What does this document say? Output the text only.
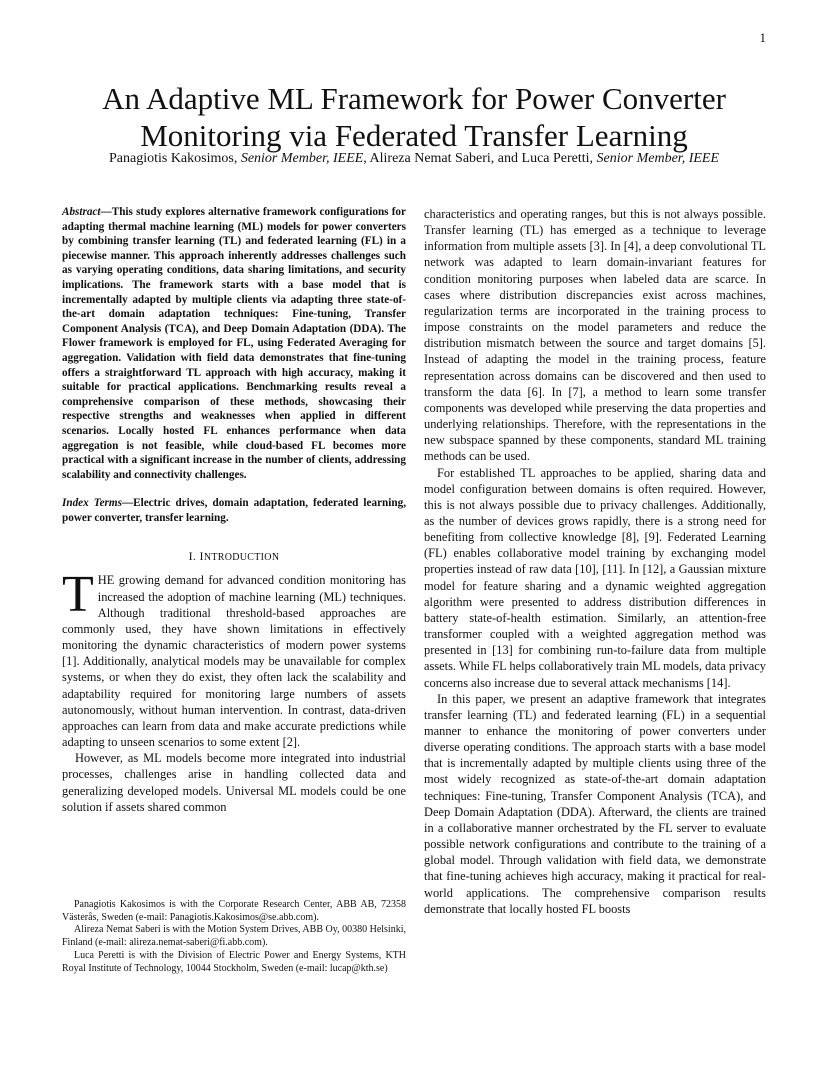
1
An Adaptive ML Framework for Power Converter
Monitoring via Federated Transfer Learning
Panagiotis Kakosimos, Senior Member, IEEE, Alireza Nemat Saberi, and Luca Peretti, Senior Member, IEEE

Abstract—This study explores alternative framework configurations for adapting thermal machine learning (ML) models for power converters by combining transfer learning (TL) and federated learning (FL) in a piecewise manner. This approach inherently addresses challenges such as varying operating conditions, data sharing limitations, and security implications. The framework starts with a base model that is incrementally adapted by multiple clients via adapting three state-of-the-art domain adaptation techniques: Fine-tuning, Transfer Component Analysis (TCA), and Deep Domain Adaptation (DDA). The Flower framework is employed for FL, using Federated Averaging for aggregation. Validation with field data demonstrates that fine-tuning offers a straightforward TL approach with high accuracy, making it suitable for practical applications. Benchmarking results reveal a comprehensive comparison of these methods, showcasing their respective strengths and weaknesses when applied in different scenarios. Locally hosted FL enhances performance when data aggregation is not feasible, while cloud-based FL becomes more practical with a significant increase in the number of clients, addressing scalability and connectivity challenges.

Index Terms—Electric drives, domain adaptation, federated learning, power converter, transfer learning.

I. INTRODUCTION

THE growing demand for advanced condition monitoring has increased the adoption of machine learning (ML) techniques. Although traditional threshold-based approaches are commonly used, they have shown limitations in effectively monitoring the dynamic characteristics of modern power systems [1]. Additionally, analytical models may be unavailable for complex systems, or when they do exist, they often lack the scalability and adaptability required for monitoring large numbers of assets autonomously, without human intervention. In contrast, data-driven approaches can learn from data and make accurate predictions while adapting to unseen scenarios to some extent [2].

However, as ML models become more integrated into industrial processes, challenges arise in handling collected data and generalizing developed models. Universal ML models could be one solution if assets shared common

Panagiotis Kakosimos is with the Corporate Research Center, ABB AB, 72358 Västerås, Sweden (e-mail: Panagiotis.Kakosimos@se.abb.com).

Alireza Nemat Saberi is with the Motion System Drives, ABB Oy, 00380 Helsinki, Finland (e-mail: alireza.nemat-saberi@fi.abb.com).

Luca Peretti is with the Division of Electric Power and Energy Systems, KTH Royal Institute of Technology, 10044 Stockholm, Sweden (e-mail: lucap@kth.se)

characteristics and operating ranges, but this is not always possible. Transfer learning (TL) has emerged as a technique to leverage information from multiple assets [3]. In [4], a deep convolutional TL network was adapted to learn domain-invariant features for condition monitoring purposes when labeled data are scarce. In cases where distribution discrepancies exist across machines, regularization terms are incorporated in the training process to impose constraints on the model parameters and reduce the distribution mismatch between the source and target domains [5]. Instead of adapting the model in the training process, feature representation across domains can be discovered and then used to transform the data [6]. In [7], a method to learn some transfer components was developed while preserving the data properties and underlying relationships. Therefore, with the representations in the new subspace spanned by these components, standard ML training methods can be used.

For established TL approaches to be applied, sharing data and model configuration between domains is often required. However, this is not always possible due to privacy challenges. Additionally, as the number of devices grows rapidly, there is a strong need for benefiting from collective knowledge [8], [9]. Federated Learning (FL) enables collaborative model training by exchanging model properties instead of raw data [10], [11]. In [12], a Gaussian mixture model for feature sharing and a dynamic weighted aggregation algorithm were presented to address distribution differences in battery state-of-health estimation. Similarly, an attention-free transformer coupled with a weighted aggregation method was presented in [13] for combining run-to-failure data from multiple assets. While FL helps collaboratively train ML models, data privacy concerns also increase due to several attack mechanisms [14].

In this paper, we present an adaptive framework that integrates transfer learning (TL) and federated learning (FL) in a sequential manner to enhance the monitoring of power converters under diverse operating conditions. The approach starts with a base model that is incrementally adapted by multiple clients using three of the most widely recognized as state-of-the-art domain adaptation techniques: Fine-tuning, Transfer Component Analysis (TCA), and Deep Domain Adaptation (DDA). Afterward, the clients are trained in a collaborative manner orchestrated by the FL server to evaluate possible network configurations and contribute to the training of a global model. Through validation with field data, we demonstrate that fine-tuning achieves high accuracy, making it practical for real-world applications. The comprehensive comparison results demonstrate that locally hosted FL boosts
